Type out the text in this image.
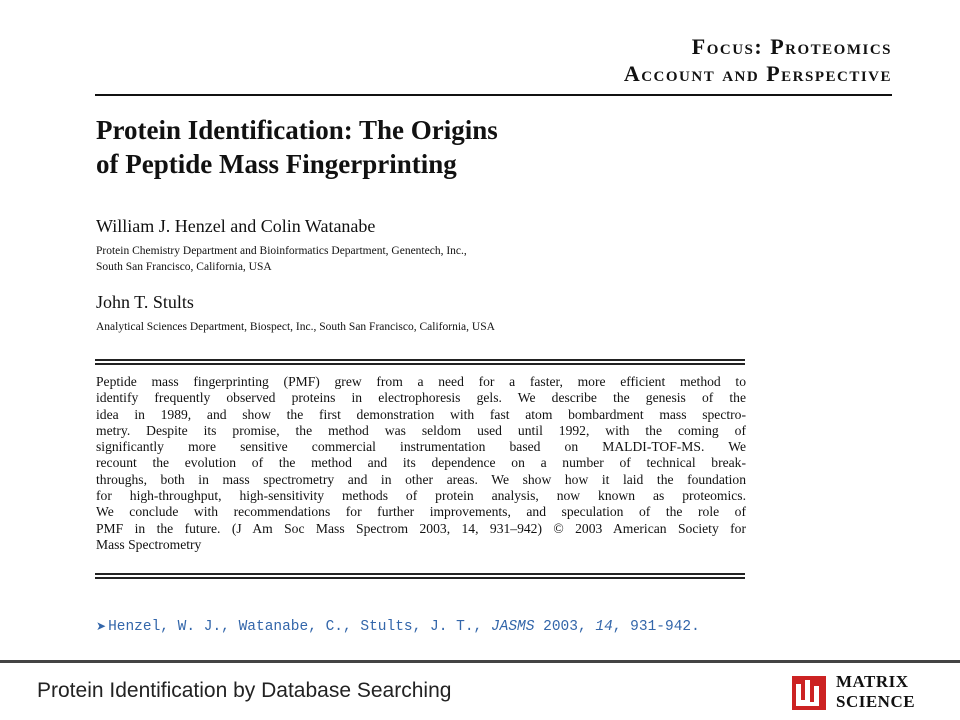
Focus: Proteomics
Account and Perspective
Protein Identification: The Origins
of Peptide Mass Fingerprinting
William J. Henzel and Colin Watanabe
Protein Chemistry Department and Bioinformatics Department, Genentech, Inc.,
South San Francisco, California, USA
John T. Stults
Analytical Sciences Department, Biospect, Inc., South San Francisco, California, USA
Peptide mass fingerprinting (PMF) grew from a need for a faster, more efficient method to
identify frequently observed proteins in electrophoresis gels. We describe the genesis of the
idea in 1989, and show the first demonstration with fast atom bombardment mass spectro-
metry. Despite its promise, the method was seldom used until 1992, with the coming of
significantly more sensitive commercial instrumentation based on MALDI-TOF-MS. We
recount the evolution of the method and its dependence on a number of technical break-
throughs, both in mass spectrometry and in other areas. We show how it laid the foundation
for high-throughput, high-sensitivity methods of protein analysis, now known as proteomics.
We conclude with recommendations for further improvements, and speculation of the role of
PMF in the future. (J Am Soc Mass Spectrom 2003, 14, 931–942) © 2003 American Society for
Mass Spectrometry
➤ Henzel, W. J., Watanabe, C., Stults, J. T., JASMS 2003, 14, 931-942.
Protein Identification by Database Searching	MATRIX
SCIENCE
